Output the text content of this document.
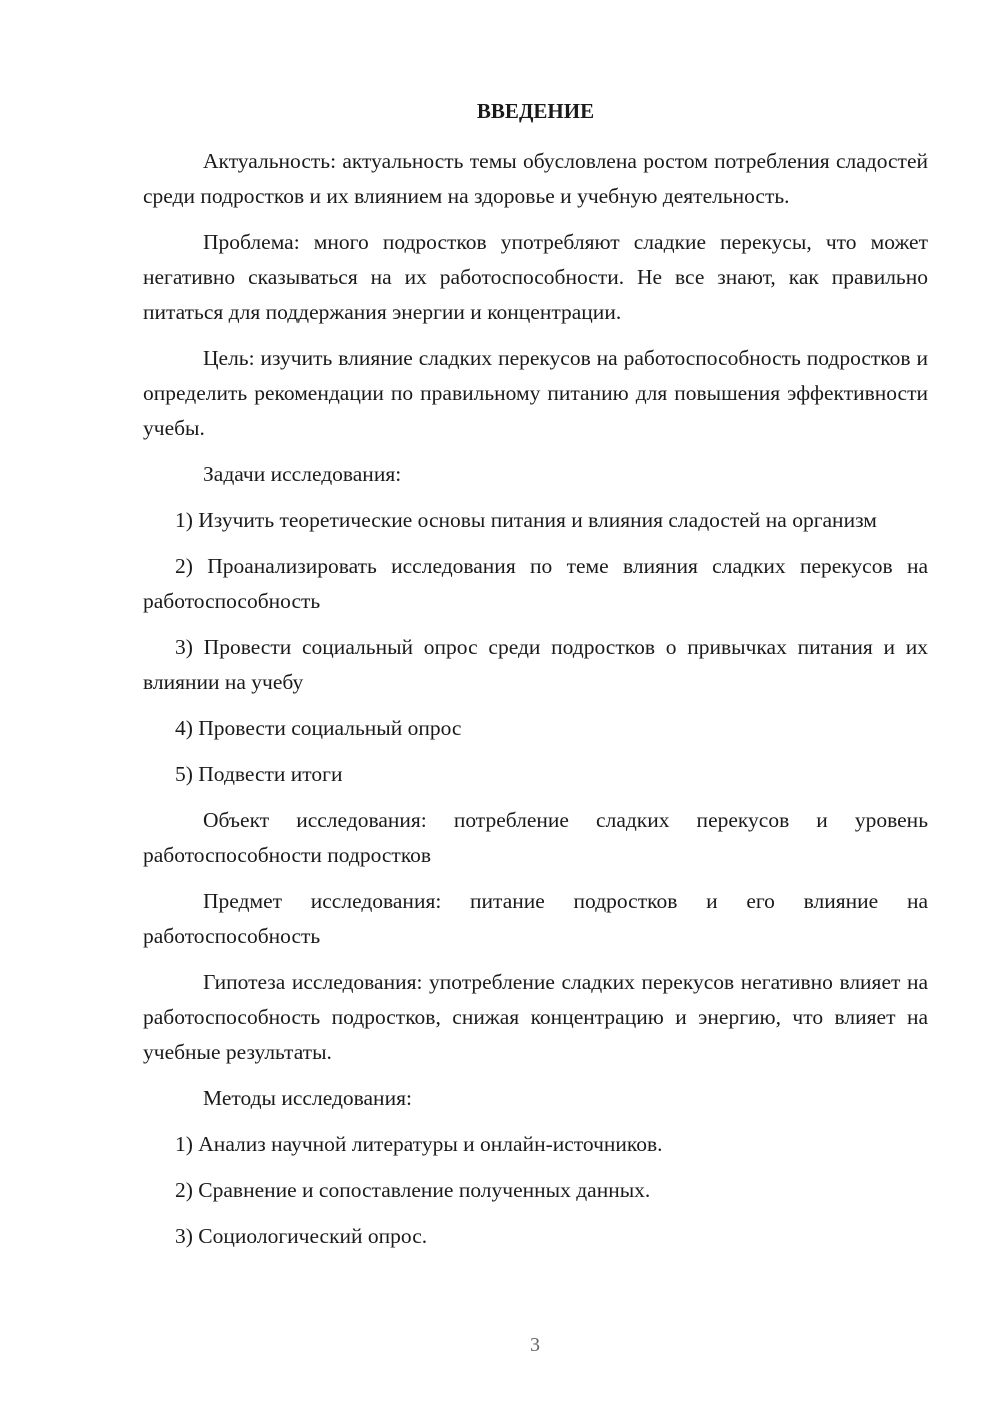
ВВЕДЕНИЕ

Актуальность: актуальность темы обусловлена ростом потребления сладостей среди подростков и их влиянием на здоровье и учебную деятельность.

Проблема: много подростков употребляют сладкие перекусы, что может негативно сказываться на их работоспособности. Не все знают, как правильно питаться для поддержания энергии и концентрации.

Цель: изучить влияние сладких перекусов на работоспособность подростков и определить рекомендации по правильному питанию для повышения эффективности учебы.

Задачи исследования:

1) Изучить теоретические основы питания и влияния сладостей на организм

2) Проанализировать исследования по теме влияния сладких перекусов на работоспособность

3) Провести социальный опрос среди подростков о привычках питания и их влиянии на учебу

4) Провести социальный опрос

5) Подвести итоги

Объект исследования: потребление сладких перекусов и уровень работоспособности подростков

Предмет исследования: питание подростков и его влияние на работоспособность

Гипотеза исследования: употребление сладких перекусов негативно влияет на работоспособность подростков, снижая концентрацию и энергию, что влияет на учебные результаты.

Методы исследования:

1) Анализ научной литературы и онлайн-источников.

2) Сравнение и сопоставление полученных данных.

3) Социологический опрос.

3
